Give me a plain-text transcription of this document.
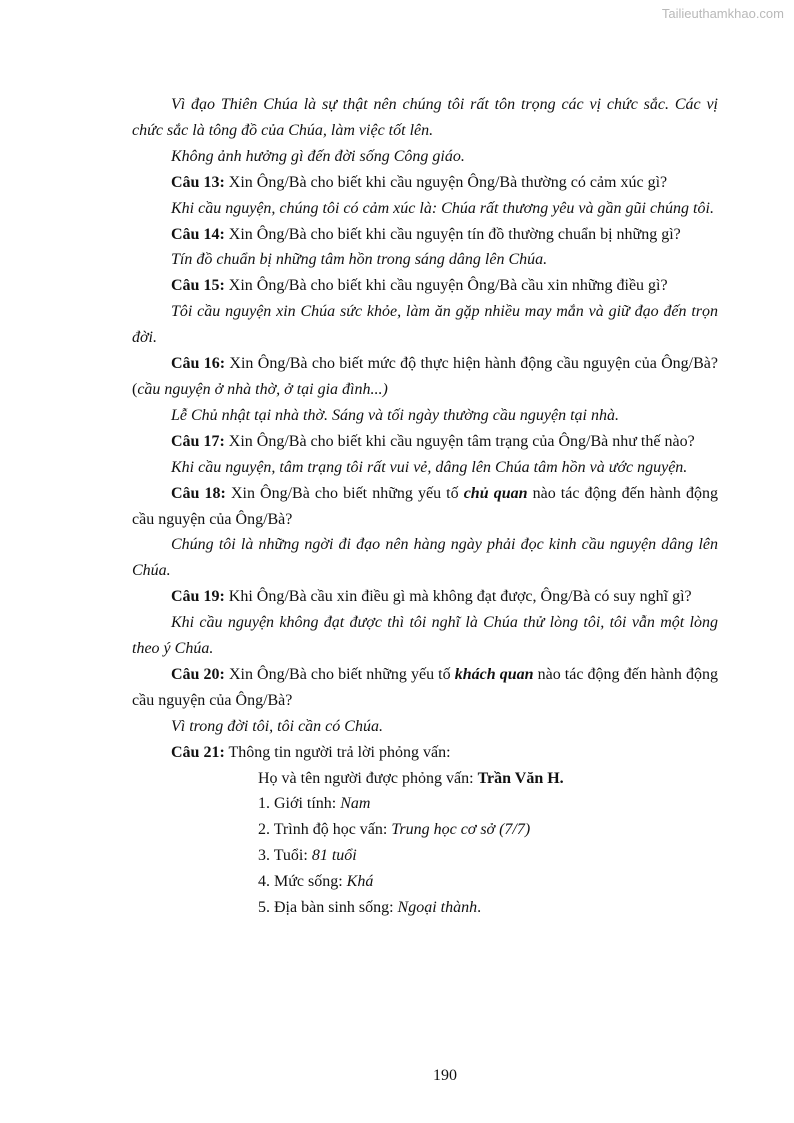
Tailieuthamkhao.com

Vì đạo Thiên Chúa là sự thật nên chúng tôi rất tôn trọng các vị chức sắc. Các vị chức sắc là tông đồ của Chúa, làm việc tốt lên.

Không ảnh hưởng gì đến đời sống Công giáo.

Câu 13: Xin Ông/Bà cho biết khi cầu nguyện Ông/Bà thường có cảm xúc gì?

Khi cầu nguyện, chúng tôi có cảm xúc là: Chúa rất thương yêu và gần gũi chúng tôi.

Câu 14: Xin Ông/Bà cho biết khi cầu nguyện tín đồ thường chuẩn bị những gì?

Tín đồ chuẩn bị những tâm hồn trong sáng dâng lên Chúa.

Câu 15: Xin Ông/Bà cho biết khi cầu nguyện Ông/Bà cầu xin những điều gì?

Tôi cầu nguyện xin Chúa sức khỏe, làm ăn gặp nhiều may mắn và giữ đạo đến trọn đời.

Câu 16: Xin Ông/Bà cho biết mức độ thực hiện hành động cầu nguyện của Ông/Bà? (cầu nguyện ở nhà thờ, ở tại gia đình...)

Lễ Chủ nhật tại nhà thờ. Sáng và tối ngày thường cầu nguyện tại nhà.

Câu 17: Xin Ông/Bà cho biết khi cầu nguyện tâm trạng của Ông/Bà như thế nào?

Khi cầu nguyện, tâm trạng tôi rất vui vẻ, dâng lên Chúa tâm hồn và ước nguyện.

Câu 18: Xin Ông/Bà cho biết những yếu tố chủ quan nào tác động đến hành động cầu nguyện của Ông/Bà?

Chúng tôi là những ngời đi đạo nên hàng ngày phải đọc kinh cầu nguyện dâng lên Chúa.

Câu 19: Khi Ông/Bà cầu xin điều gì mà không đạt được, Ông/Bà có suy nghĩ gì?

Khi cầu nguyện không đạt được thì tôi nghĩ là Chúa thử lòng tôi, tôi vẫn một lòng theo ý Chúa.

Câu 20: Xin Ông/Bà cho biết những yếu tố khách quan nào tác động đến hành động cầu nguyện của Ông/Bà?

Vì trong đời tôi, tôi cần có Chúa.

Câu 21: Thông tin người trả lời phỏng vấn:

Họ và tên người được phỏng vấn: Trần Văn H.

1. Giới tính: Nam

2. Trình độ học vấn: Trung học cơ sở (7/7)

3. Tuổi: 81 tuổi

4. Mức sống: Khá

5. Địa bàn sinh sống: Ngoại thành.

190
